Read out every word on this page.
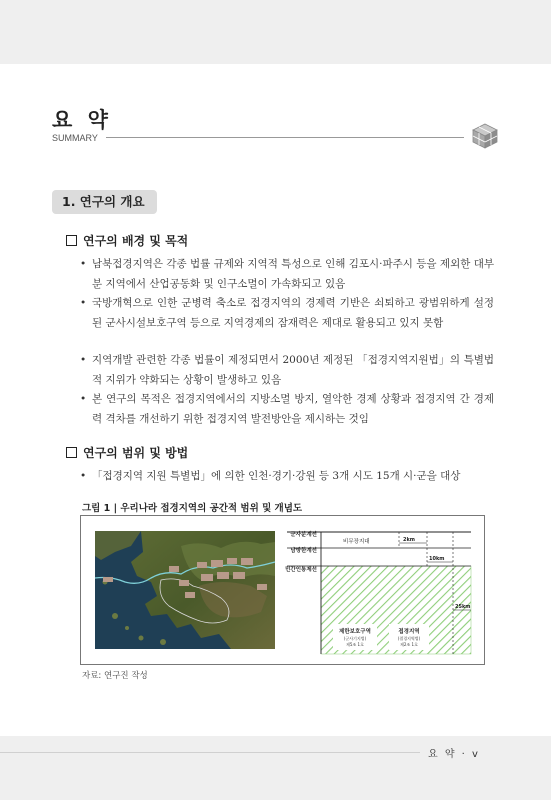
요 약
SUMMARY
1. 연구의 개요
연구의 배경 및 목적
• 남북접경지역은 각종 법률 규제와 지역적 특성으로 인해 김포시·파주시 등을 제외한 대부분 지역에서 산업공동화 및 인구소멸이 가속화되고 있음
• 국방개혁으로 인한 군병력 축소로 접경지역의 경제력 기반은 쇠퇴하고 광범위하게 설정된 군사시설보호구역 등으로 지역경제의 잠재력은 제대로 활용되고 있지 못함
• 지역개발 관련한 각종 법률이 제정되면서 2000년 제정된 「접경지역지원법」의 특별법적 지위가 약화되는 상황이 발생하고 있음
• 본 연구의 목적은 접경지역에서의 지방소멸 방지, 열악한 경제 상황과 접경지역 간 경제력 격차를 개선하기 위한 접경지역 발전방안을 제시하는 것임
연구의 범위 및 방법
• 「접경지역 지원 특별법」에 의한 인천·경기·강원 등 3개 시도 15개 시·군을 대상
그림 1 | 우리나라 접경지역의 공간적 범위 및 개념도
군사분계선
남방한계선
민간인통제선
비무장지대	2km
10km
25km
제한보호구역
(군사기지법)
제5조 1호
접경지역
(접경지역법)
제2조 1호
자료: 연구진 작성
요 약 · v
